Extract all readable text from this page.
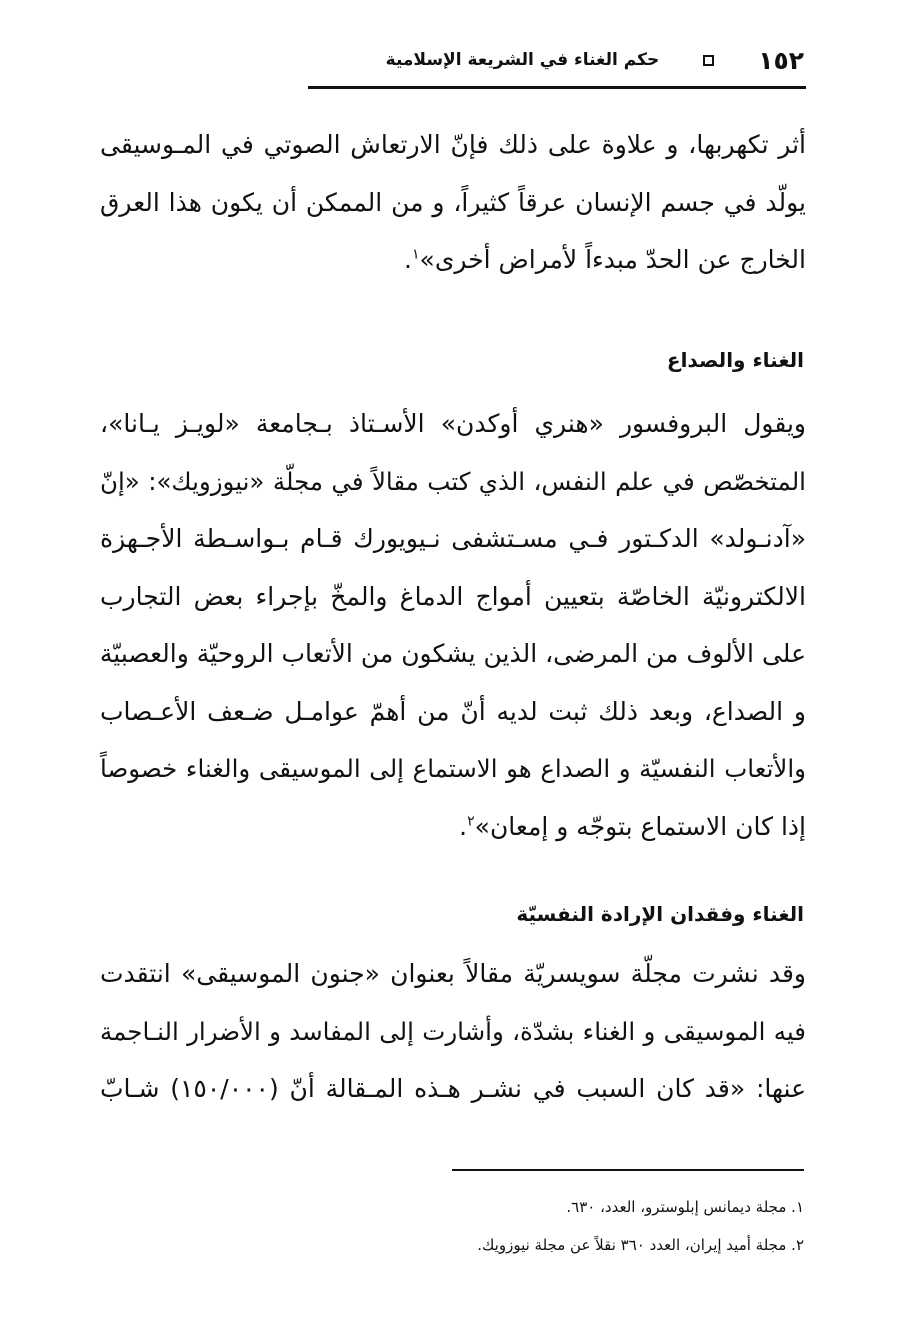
١٥٢
حكم الغناء في الشريعة الإسلامية
أثر تكهربها، و علاوة على ذلك فإنّ الارتعاش الصوتي في المـوسيقى
يولّد في جسم الإنسان عرقاً كثيراً، و من الممكن أن يكون هذا العرق
الخارج عن الحدّ مبدءاً لأمراض أخرى»$^١$.
الغناء والصداع
ويقول البروفسور «هنري أوكدن» الأسـتاذ بـجامعة «لويـز يـانا»،
المتخصّص في علم النفس، الذي كتب مقالاً في مجلّة «نيوزويك»: «إنّ
«آدنـولد» الدكـتور فـي مسـتشفى نـيويورك قـام بـواسـطة الأجـهزة
الالكترونيّة الخاصّة بتعيين أمواج الدماغ والمخّ بإجراء بعض التجارب
على الألوف من المرضى، الذين يشكون من الأتعاب الروحيّة والعصبيّة
و الصداع، وبعد ذلك ثبت لديه أنّ من أهمّ عوامـل ضـعف الأعـصاب
والأتعاب النفسيّة و الصداع هو الاستماع إلى الموسيقى والغناء خصوصاً
إذا كان الاستماع بتوجّه و إمعان»$^٢$.
الغناء وفقدان الإرادة النفسيّة
وقد نشرت مجلّة سويسريّة مقالاً بعنوان «جنون الموسيقى» انتقدت
فيه الموسيقى و الغناء بشدّة، وأشارت إلى المفاسد و الأضرار النـاجمة
عنها: «قد كان السبب في نشـر هـذه المـقالة أنّ (١٥٠/٠٠٠) شـابّ
١. مجلة ديمانس إبلوسترو، العدد، ٦٣٠.
٢. مجلة أميد إيران، العدد ٣٦٠ نقلاً عن مجلة نيوزويك.
